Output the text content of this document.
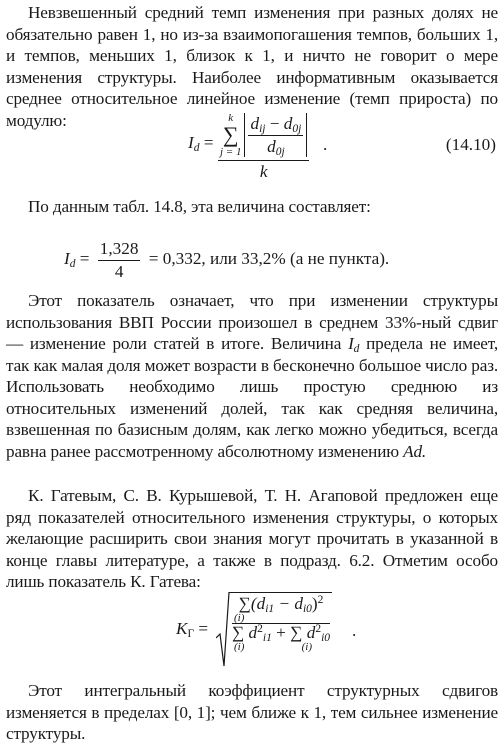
Невзвешенный средний темп изменения при разных долях не обязательно равен 1, но из-за взаимопогашения темпов, больших 1, и темпов, меньших 1, близок к 1, и ничто не говорит о мере изменения структуры. Наиболее информативным оказывается среднее относительное линейное изменение (темп прироста) по модулю:

$I_d$ =
k
∑
$j = 1 \frac{d_{ij} - d_{0j}}{d_{0j}}$
k
.	(14.10)

По данным табл. 14.8, эта величина составляет:

$I_d = \frac{1,328}{4} = 0,332$, или 33,2% (а не пункта).

Этот показатель означает, что при изменении структуры использования ВВП России произошел в среднем 33%-ный сдвиг — изменение роли статей в итоге. Величина $I_d$ предела не имеет, так как малая доля может возрасти в бесконечно большое число раз. Использовать необходимо лишь простую среднюю из относительных изменений долей, так как средняя величина, взвешенная по базисным долям, как легко можно убедиться, всегда равна ранее рассмотренному абсолютному изменению Ad.

К. Гатевым, С. В. Курышевой, Т. Н. Агаповой предложен еще ряд показателей относительного изменения структуры, о которых желающие расширить свои знания могут прочитать в указанной в конце главы литературе, а также в подразд. 6.2. Отметим особо лишь показатель К. Гатева:

$K_\Gamma = \sum(d_{i1} - d_{i0})^2$
(i)
∑ $d^2_{i1}$ + ∑ $d^2_{i0}$
(i)	(i) .

Этот интегральный коэффициент структурных сдвигов изменяется в пределах [0, 1]; чем ближе к 1, тем сильнее изменение структуры.
